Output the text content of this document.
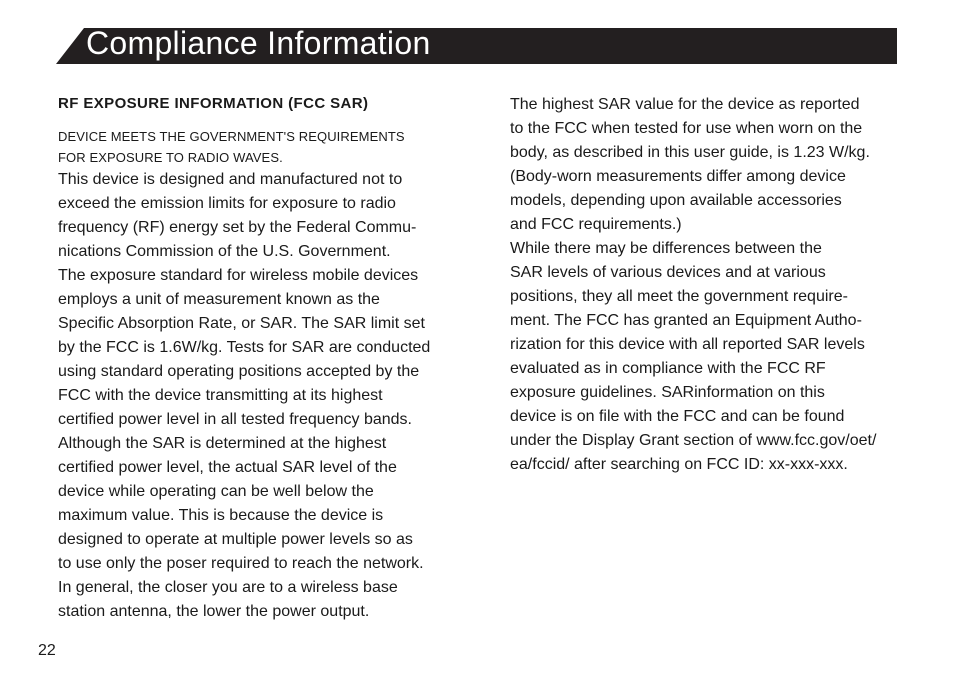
Compliance Information
RF EXPOSURE INFORMATION (FCC SAR)
DEVICE MEETS THE GOVERNMENT'S REQUIREMENTS
FOR EXPOSURE TO RADIO WAVES.
This device is designed and manufactured not to
exceed the emission limits for exposure to radio
frequency (RF) energy set by the Federal Commu-
nications Commission of the U.S. Government.
The exposure standard for wireless mobile devices
employs a unit of measurement known as the
Specific Absorption Rate, or SAR. The SAR limit set
by the FCC is 1.6W/kg. Tests for SAR are conducted
using standard operating positions accepted by the
FCC with the device transmitting at its highest
certified power level in all tested frequency bands.
Although the SAR is determined at the highest
certified power level, the actual SAR level of the
device while operating can be well below the
maximum value. This is because the device is
designed to operate at multiple power levels so as
to use only the poser required to reach the network.
In general, the closer you are to a wireless base
station antenna, the lower the power output.
The highest SAR value for the device as reported
to the FCC when tested for use when worn on the
body, as described in this user guide, is 1.23 W/kg.
(Body-worn measurements differ among device
models, depending upon available accessories
and FCC requirements.)
While there may be differences between the
SAR levels of various devices and at various
positions, they all meet the government require-
ment. The FCC has granted an Equipment Autho-
rization for this device with all reported SAR levels
evaluated as in compliance with the FCC RF
exposure guidelines. SARinformation on this
device is on file with the FCC and can be found
under the Display Grant section of www.fcc.gov/oet/
ea/fccid/ after searching on FCC ID: xx-xxx-xxx.
22
